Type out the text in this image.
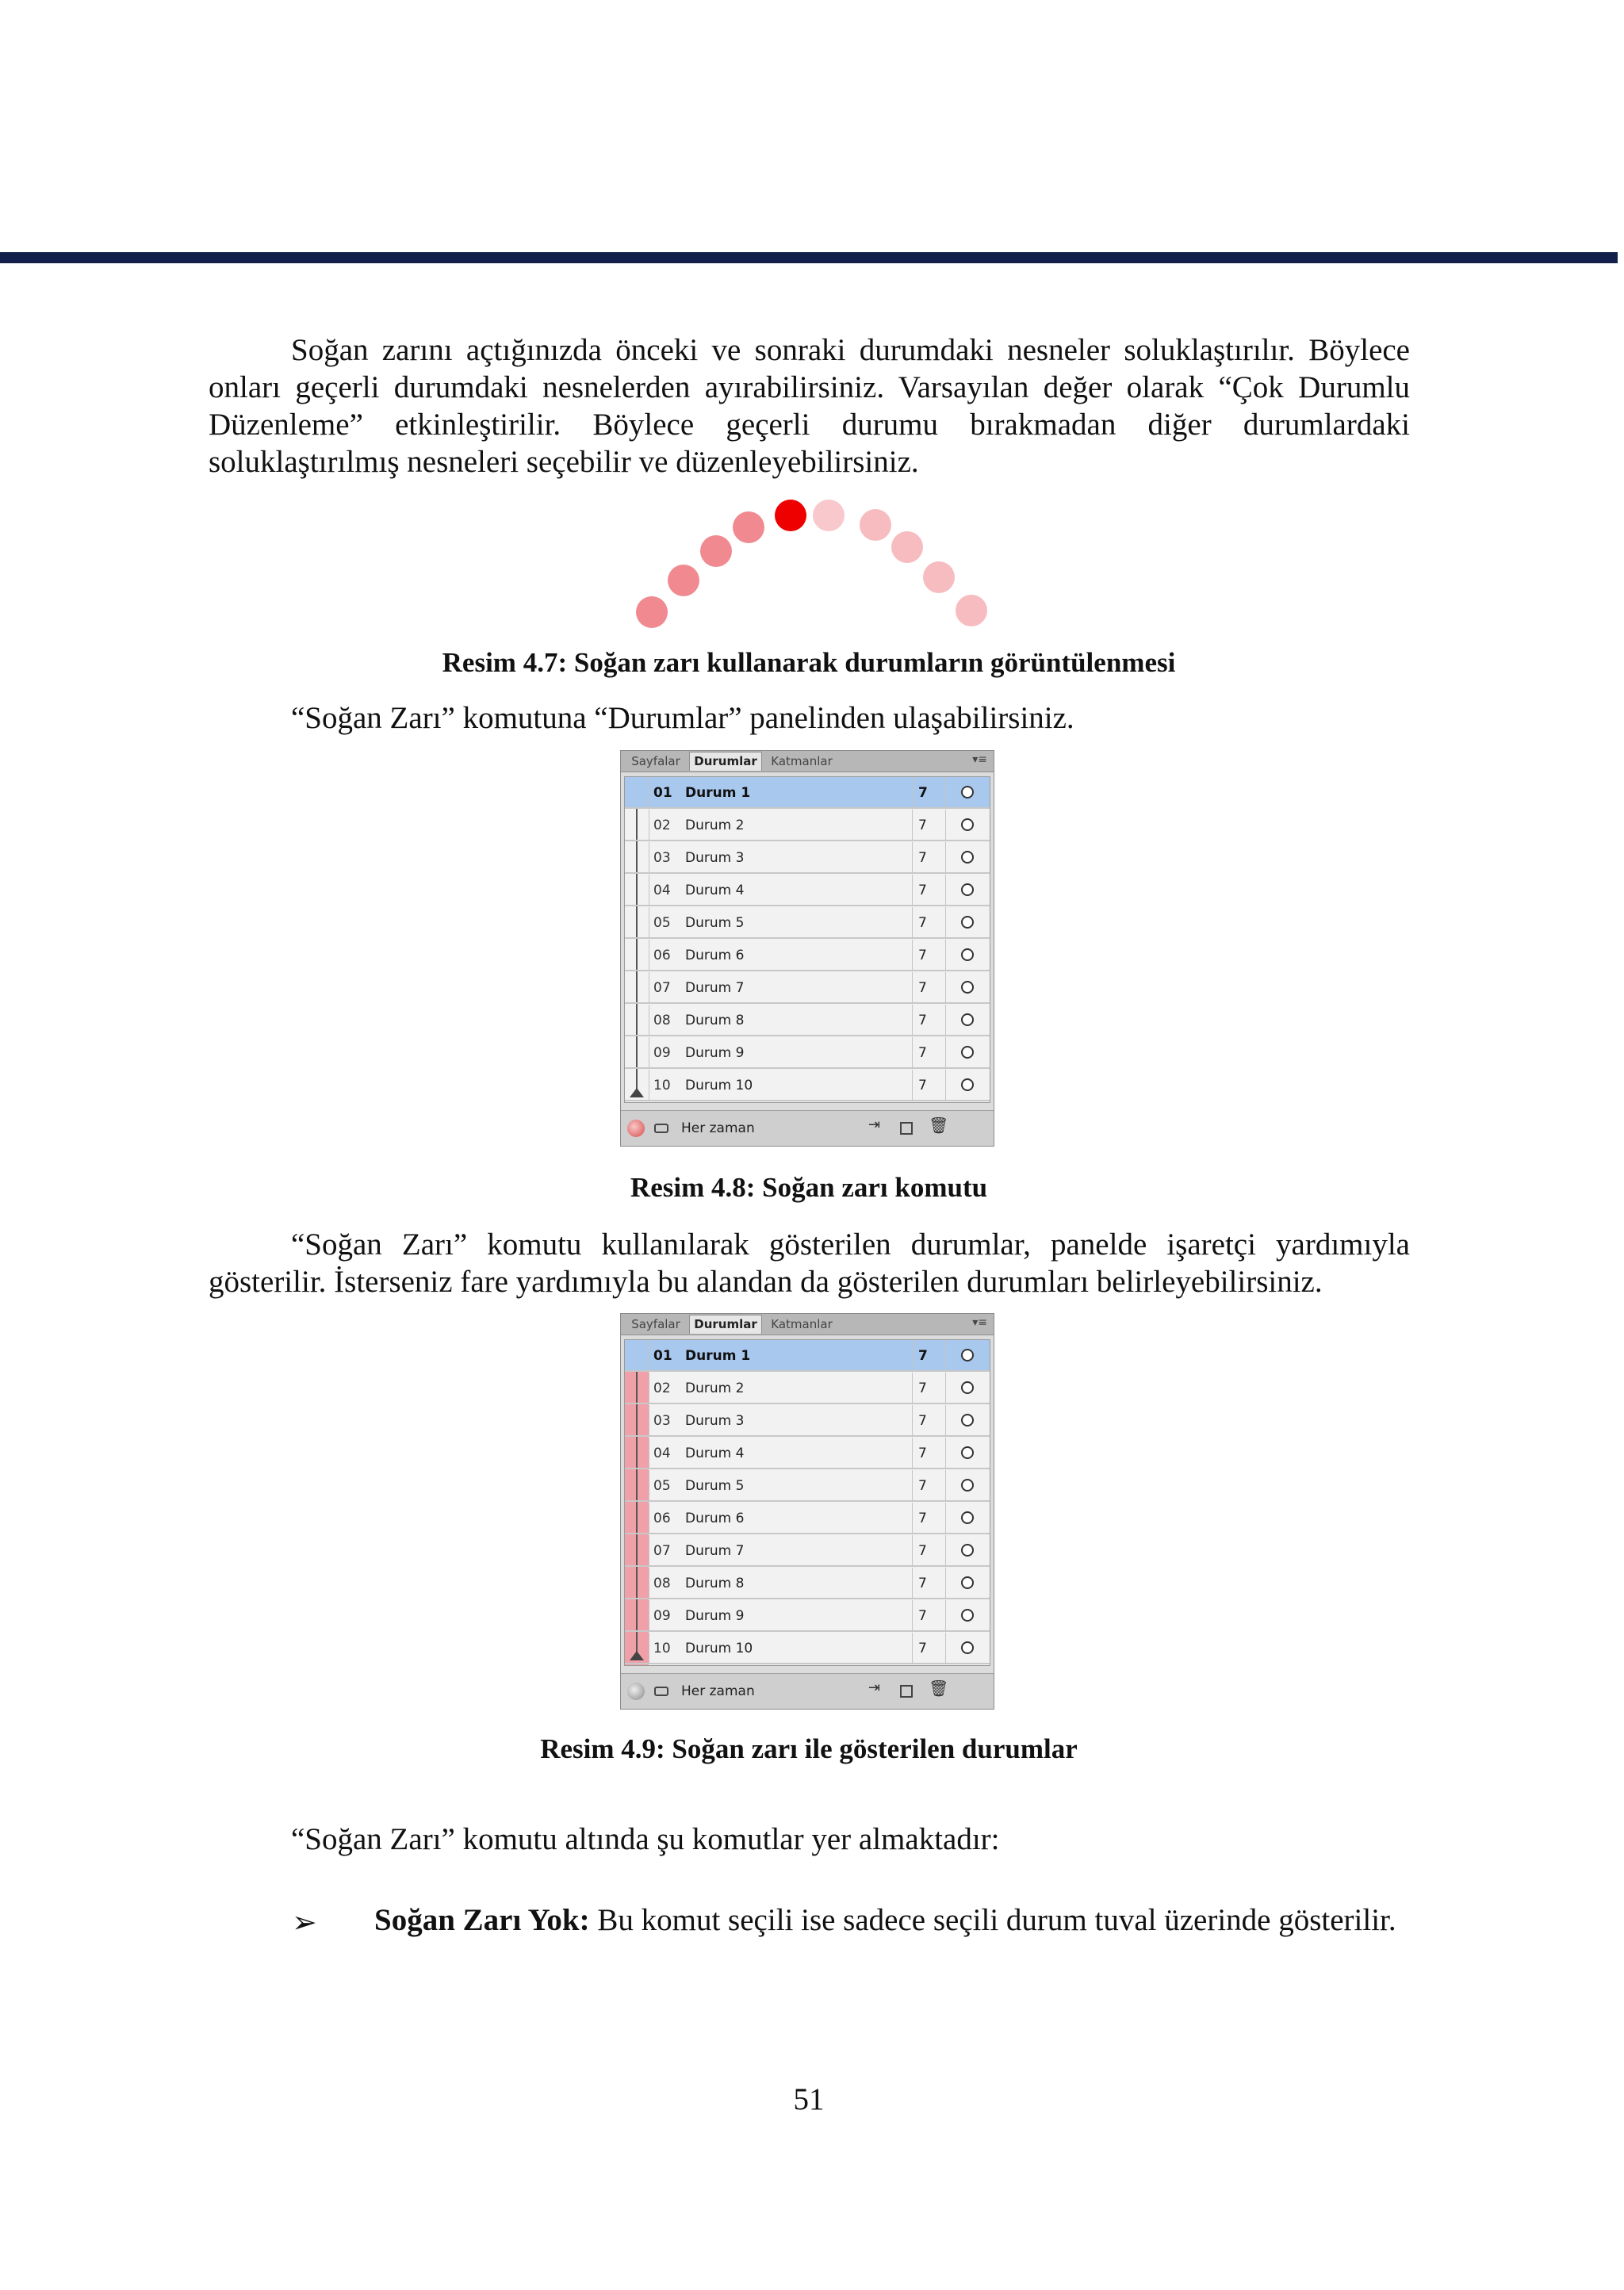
Soğan zarını açtığınızda önceki ve sonraki durumdaki nesneler soluklaştırılır. Böylece onları geçerli durumdaki nesnelerden ayırabilirsiniz. Varsayılan değer olarak “Çok Durumlu Düzenleme” etkinleştirilir. Böylece geçerli durumu bırakmadan diğer durumlardaki soluklaştırılmış nesneleri seçebilir ve düzenleyebilirsiniz.

Resim 4.7: Soğan zarı kullanarak durumların görüntülenmesi

“Soğan Zarı” komutuna “Durumlar” panelinden ulaşabilirsiniz.

Sayfalar	Durumlar	Katmanlar	▾≡
01 Durum 1	7
02 Durum 2	7
03 Durum 3	7
04 Durum 4	7
05 Durum 5	7
06 Durum 6	7
07 Durum 7	7
08 Durum 8	7
09 Durum 9	7
10 Durum 10	7
Her zaman	⇥	🗑

Resim 4.8: Soğan zarı komutu

“Soğan Zarı” komutu kullanılarak gösterilen durumlar, panelde işaretçi yardımıyla gösterilir. İsterseniz fare yardımıyla bu alandan da gösterilen durumları belirleyebilirsiniz.

Sayfalar	Durumlar	Katmanlar	▾≡
01 Durum 1	7
02 Durum 2	7
03 Durum 3	7
04 Durum 4	7
05 Durum 5	7
06 Durum 6	7
07 Durum 7	7
08 Durum 8	7
09 Durum 9	7
10 Durum 10	7
Her zaman	⇥	🗑

Resim 4.9: Soğan zarı ile gösterilen durumlar

“Soğan Zarı” komutu altında şu komutlar yer almaktadır:

➢ Soğan Zarı Yok: Bu komut seçili ise sadece seçili durum tuval üzerinde gösterilir.

51
